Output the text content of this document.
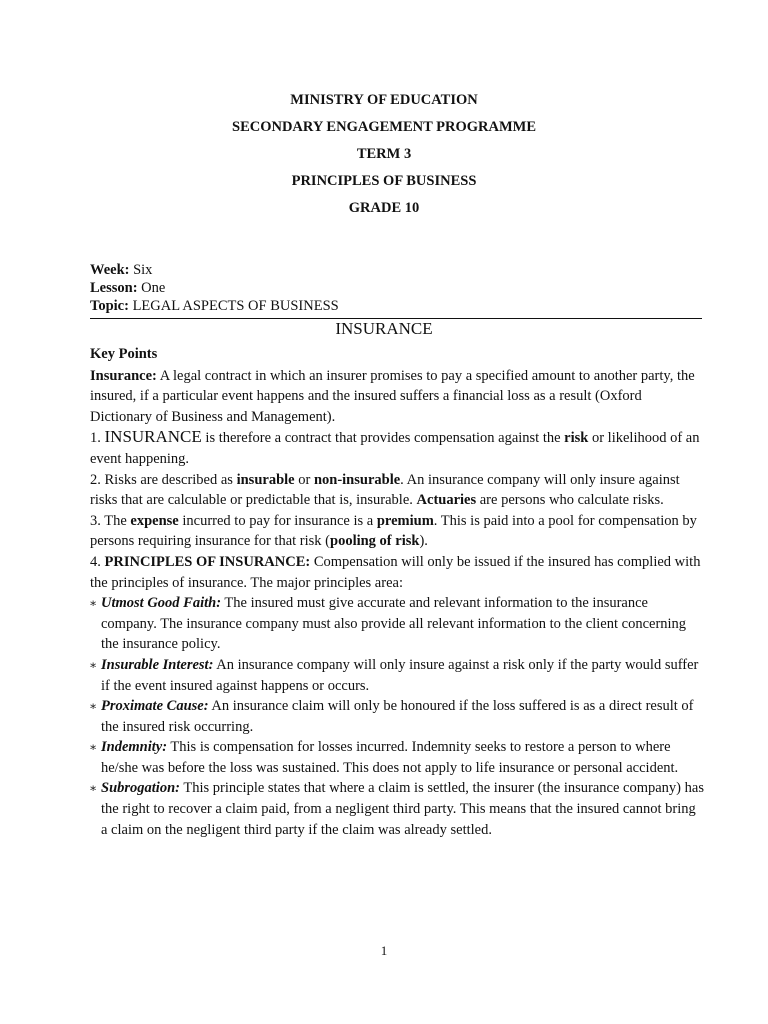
MINISTRY OF EDUCATION
SECONDARY ENGAGEMENT PROGRAMME
TERM 3
PRINCIPLES OF BUSINESS
GRADE 10
Week: Six
Lesson: One
Topic: LEGAL ASPECTS OF BUSINESS
INSURANCE

Key Points

Insurance: A legal contract in which an insurer promises to pay a specified amount to another party, the insured, if a particular event happens and the insured suffers a financial loss as a result (Oxford Dictionary of Business and Management).

1. INSURANCE is therefore a contract that provides compensation against the risk or likelihood of an event happening.

2. Risks are described as insurable or non-insurable. An insurance company will only insure against risks that are calculable or predictable that is, insurable. Actuaries are persons who calculate risks.

3. The expense incurred to pay for insurance is a premium. This is paid into a pool for compensation by persons requiring insurance for that risk (pooling of risk).

4. PRINCIPLES OF INSURANCE: Compensation will only be issued if the insured has complied with the principles of insurance. The major principles area:

∗ Utmost Good Faith: The insured must give accurate and relevant information to the insurance company. The insurance company must also provide all relevant information to the client concerning the insurance policy.

∗ Insurable Interest: An insurance company will only insure against a risk only if the party would suffer if the event insured against happens or occurs.

∗ Proximate Cause: An insurance claim will only be honoured if the loss suffered is as a direct result of the insured risk occurring.

∗ Indemnity: This is compensation for losses incurred. Indemnity seeks to restore a person to where he/she was before the loss was sustained. This does not apply to life insurance or personal accident.

∗ Subrogation: This principle states that where a claim is settled, the insurer (the insurance company) has the right to recover a claim paid, from a negligent third party. This means that the insured cannot bring a claim on the negligent third party if the claim was already settled.

1
